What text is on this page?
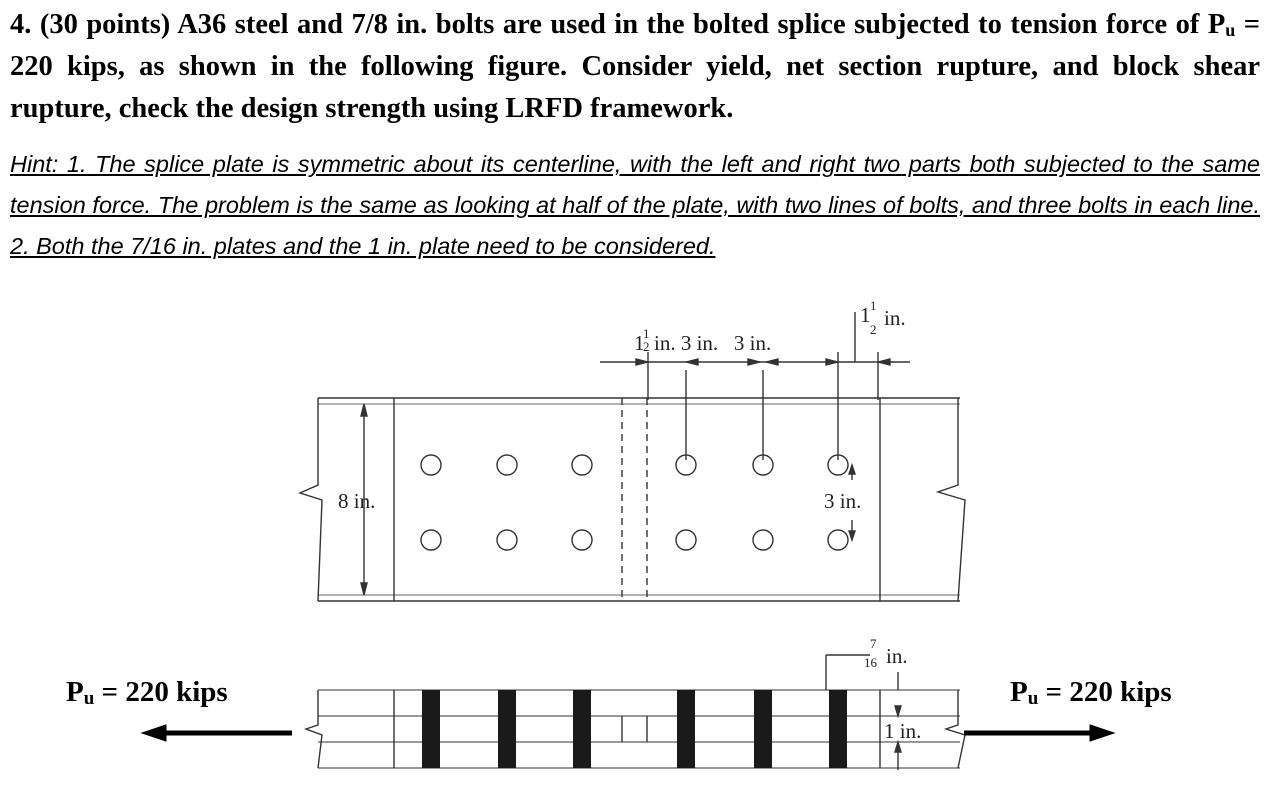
4. (30 points) A36 steel and 7/8 in. bolts are used in the bolted splice subjected to tension force of $P_u = 220$ kips, as shown in the following figure. Consider yield, net section rupture, and block shear rupture, check the design strength using LRFD framework.
Hint: 1. The splice plate is symmetric about its centerline, with the left and right two parts both subjected to the same tension force. The problem is the same as looking at half of the plate, with two lines of bolts, and three bolts in each line. 2. Both the 7/16 in. plates and the 1 in. plate need to be considered.
1
1
2 in. 3 in.   3 in.
1 1
2 in.
8 in.	3 in.
7
16 in.
1 in.
$P_u = 220$ kips	$P_u = 220$ kips
